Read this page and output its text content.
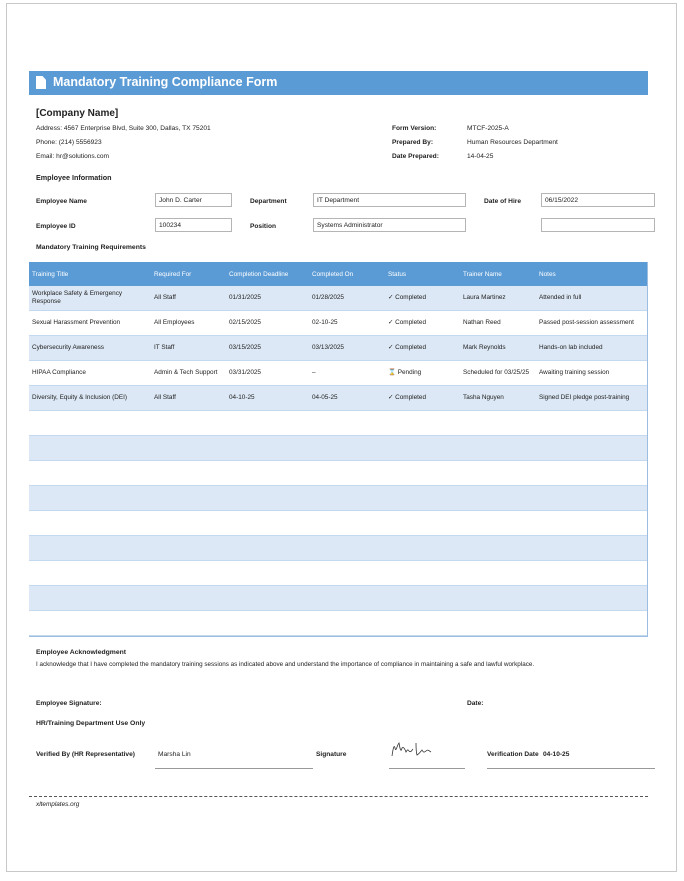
Mandatory Training Compliance Form
[Company Name]
Address: 4567 Enterprise Blvd, Suite 300, Dallas, TX 75201
Phone: (214) 5556923
Email: hr@solutions.com
Form Version:	MTCF-2025-A
Prepared By:	Human Resources Department
Date Prepared:	14-04-25
Employee Information
Employee Name	John D. Carter	Department	IT Department	Date of Hire	06/15/2022
Employee ID	100234	Position	Systems Administrator
Mandatory Training Requirements
Training Title	Required For	Completion Deadline	Completed On	Status	Trainer Name	Notes
Workplace Safety & Emergency Response	All Staff	01/31/2025	01/28/2025	✓ Completed	Laura Martinez	Attended in full
Sexual Harassment Prevention	All Employees	02/15/2025	02-10-25	✓ Completed	Nathan Reed	Passed post-session assessment
Cybersecurity Awareness	IT Staff	03/15/2025	03/13/2025	✓ Completed	Mark Reynolds	Hands-on lab included
HIPAA Compliance	Admin & Tech Support	03/31/2025	–	⌛ Pending	Scheduled for 03/25/25	Awaiting training session
Diversity, Equity & Inclusion (DEI)	All Staff	04-10-25	04-05-25	✓ Completed	Tasha Nguyen	Signed DEI pledge post-training

Employee Acknowledgment
I acknowledge that I have completed the mandatory training sessions as indicated above and understand the importance of compliance in maintaining a safe and lawful workplace.
Employee Signature:	Date:
HR/Training Department Use Only
Verified By (HR Representative)	Marsha Lin	Signature	Verification Date 04-10-25
xltemplates.org
